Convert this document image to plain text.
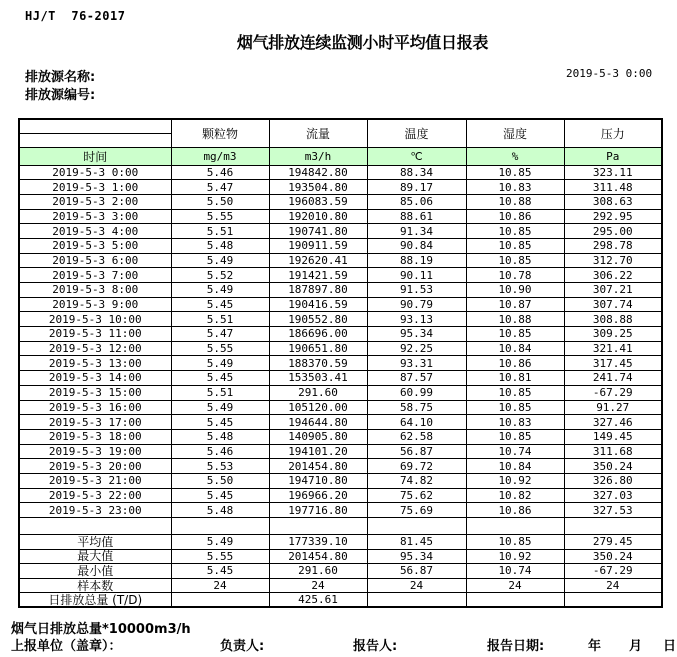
HJ/T  76-2017
烟气排放连续监测小时平均值日报表
排放源名称:	2019-5-3 0:00
排放源编号:
	颗粒物	流量	温度	湿度	压力

时间	mg/m3	m3/h	℃	%	Pa
2019-5-3 0:00	5.46	194842.80	88.34	10.85	323.11
2019-5-3 1:00	5.47	193504.80	89.17	10.83	311.48
2019-5-3 2:00	5.50	196083.59	85.06	10.88	308.63
2019-5-3 3:00	5.55	192010.80	88.61	10.86	292.95
2019-5-3 4:00	5.51	190741.80	91.34	10.85	295.00
2019-5-3 5:00	5.48	190911.59	90.84	10.85	298.78
2019-5-3 6:00	5.49	192620.41	88.19	10.85	312.70
2019-5-3 7:00	5.52	191421.59	90.11	10.78	306.22
2019-5-3 8:00	5.49	187897.80	91.53	10.90	307.21
2019-5-3 9:00	5.45	190416.59	90.79	10.87	307.74
2019-5-3 10:00	5.51	190552.80	93.13	10.88	308.88
2019-5-3 11:00	5.47	186696.00	95.34	10.85	309.25
2019-5-3 12:00	5.55	190651.80	92.25	10.84	321.41
2019-5-3 13:00	5.49	188370.59	93.31	10.86	317.45
2019-5-3 14:00	5.45	153503.41	87.57	10.81	241.74
2019-5-3 15:00	5.51	291.60	60.99	10.85	-67.29
2019-5-3 16:00	5.49	105120.00	58.75	10.85	91.27
2019-5-3 17:00	5.45	194644.80	64.10	10.83	327.46
2019-5-3 18:00	5.48	140905.80	62.58	10.85	149.45
2019-5-3 19:00	5.46	194101.20	56.87	10.74	311.68
2019-5-3 20:00	5.53	201454.80	69.72	10.84	350.24
2019-5-3 21:00	5.50	194710.80	74.82	10.92	326.80
2019-5-3 22:00	5.45	196966.20	75.62	10.82	327.03
2019-5-3 23:00	5.48	197716.80	75.69	10.86	327.53

平均值	5.49	177339.10	81.45	10.85	279.45
最大值	5.55	201454.80	95.34	10.92	350.24
最小值	5.45	291.60	56.87	10.74	-67.29
样本数	24	24	24	24	24
日排放总量 (T/D)		425.61			
烟气日排放总量*10000m3/h
上报单位（盖章）：	负责人:	报告人:	报告日期:	年 月 日
